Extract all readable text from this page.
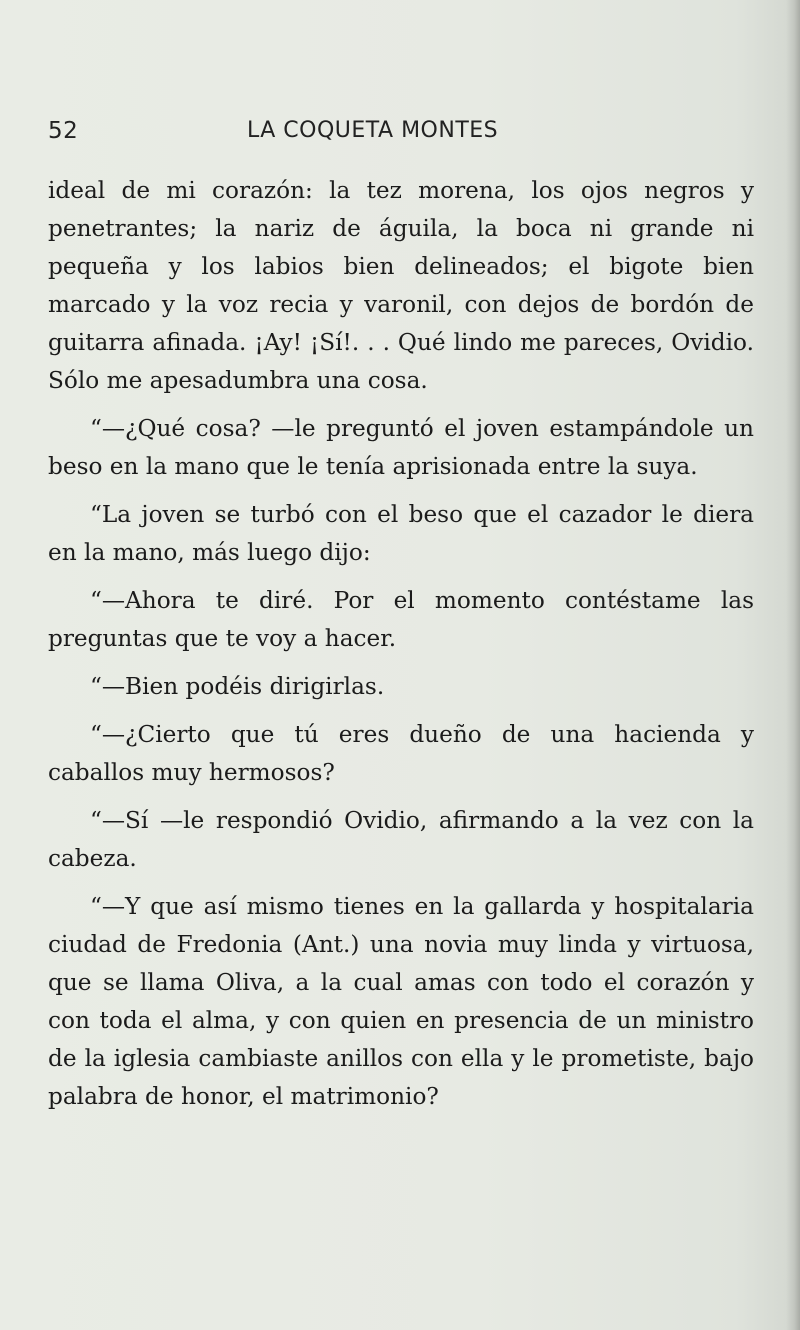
52	LA COQUETA MONTES

ideal de mi corazón: la tez morena, los ojos negros y penetrantes; la nariz de águila, la boca ni grande ni pequeña y los labios bien delineados; el bigote bien marcado y la voz recia y varonil, con dejos de bordón de guitarra afinada. ¡Ay! ¡Sí!. . . Qué lindo me pareces, Ovidio. Sólo me apesadumbra una cosa.

“—¿Qué cosa? —le preguntó el joven estampándole un beso en la mano que le tenía aprisionada entre la suya.

“La joven se turbó con el beso que el cazador le diera en la mano, más luego dijo:

“—Ahora te diré. Por el momento contéstame las preguntas que te voy a hacer.

“—Bien podéis dirigirlas.

“—¿Cierto que tú eres dueño de una hacienda y caballos muy hermosos?

“—Sí —le respondió Ovidio, afirmando a la vez con la cabeza.

“—Y que así mismo tienes en la gallarda y hospitalaria ciudad de Fredonia (Ant.) una novia muy linda y virtuosa, que se llama Oliva, a la cual amas con todo el corazón y con toda el alma, y con quien en presencia de un ministro de la iglesia cambiaste anillos con ella y le prometiste, bajo palabra de honor, el matrimonio?
